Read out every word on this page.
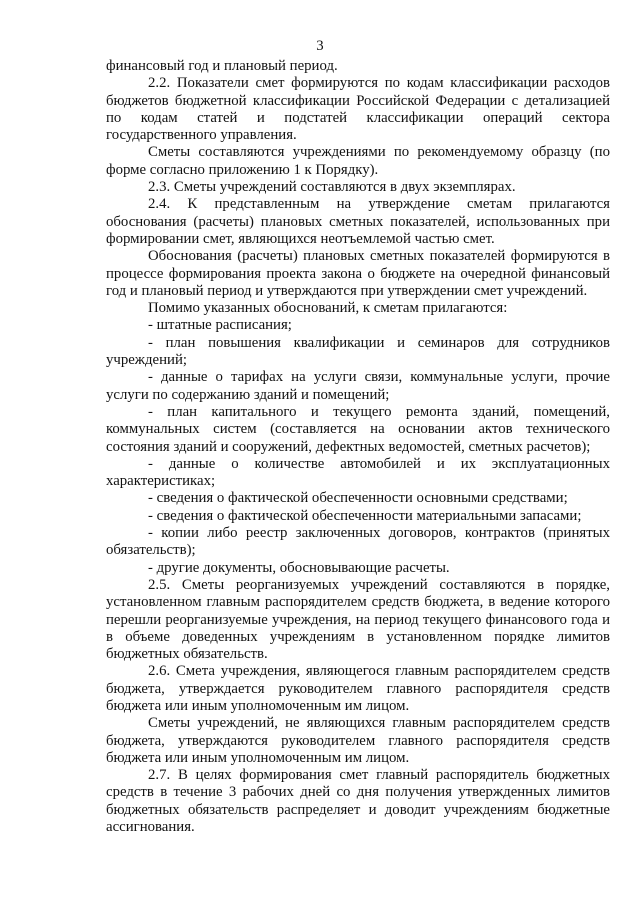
3

финансовый год и плановый период.

2.2. Показатели смет формируются по кодам классификации расходов бюджетов бюджетной классификации Российской Федерации с детализацией по кодам статей и подстатей классификации операций сектора государственного управления.

Сметы составляются учреждениями по рекомендуемому образцу (по форме согласно приложению 1 к Порядку).

2.3. Сметы учреждений составляются в двух экземплярах.

2.4. К представленным на утверждение сметам прилагаются обоснования (расчеты) плановых сметных показателей, использованных при формировании смет, являющихся неотъемлемой частью смет.

Обоснования (расчеты) плановых сметных показателей формируются в процессе формирования проекта закона о бюджете на очередной финансовый год и плановый период и утверждаются при утверждении смет учреждений.

Помимо указанных обоснований, к сметам прилагаются:

- штатные расписания;

- план повышения квалификации и семинаров для сотрудников учреждений;

- данные о тарифах на услуги связи, коммунальные услуги, прочие услуги по содержанию зданий и помещений;

- план капитального и текущего ремонта зданий, помещений, коммунальных систем (составляется на основании актов технического состояния зданий и сооружений, дефектных ведомостей, сметных расчетов);

- данные о количестве автомобилей и их эксплуатационных характеристиках;

- сведения о фактической обеспеченности основными средствами;

- сведения о фактической обеспеченности материальными запасами;

- копии либо реестр заключенных договоров, контрактов (принятых обязательств);

- другие документы, обосновывающие расчеты.

2.5. Сметы реорганизуемых учреждений составляются в порядке, установленном главным распорядителем средств бюджета, в ведение которого перешли реорганизуемые учреждения, на период текущего финансового года и в объеме доведенных учреждениям в установленном порядке лимитов бюджетных обязательств.

2.6. Смета учреждения, являющегося главным распорядителем средств бюджета, утверждается руководителем главного распорядителя средств бюджета или иным уполномоченным им лицом.

Сметы учреждений, не являющихся главным распорядителем средств бюджета, утверждаются руководителем главного распорядителя средств бюджета или иным уполномоченным им лицом.

2.7. В целях формирования смет главный распорядитель бюджетных средств в течение 3 рабочих дней со дня получения утвержденных лимитов бюджетных обязательств распределяет и доводит учреждениям бюджетные ассигнования.
